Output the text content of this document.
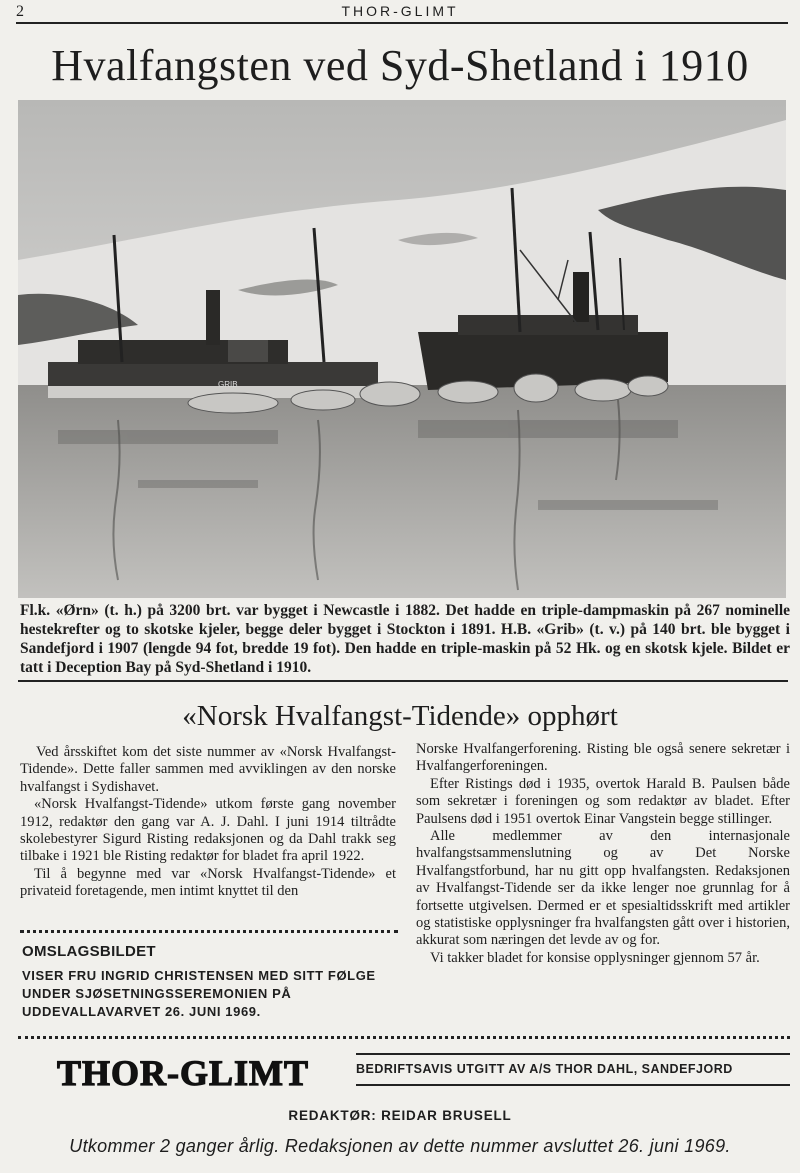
2	THOR-GLIMT
Hvalfangsten ved Syd-Shetland i 1910
GRIB
Fl.k. «Ørn» (t. h.) på 3200 brt. var bygget i Newcastle i 1882. Det hadde en triple-dampmaskin på 267 nominelle hestekrefter og to skotske kjeler, begge deler bygget i Stockton i 1891. H.B. «Grib» (t. v.) på 140 brt. ble bygget i Sandefjord i 1907 (lengde 94 fot, bredde 19 fot). Den hadde en triple-maskin på 52 Hk. og en skotsk kjele. Bildet er tatt i Deception Bay på Syd-Shetland i 1910.
«Norsk Hvalfangst-Tidende» opphørt

Ved årsskiftet kom det siste nummer av «Norsk Hvalfangst-Tidende». Dette faller sammen med avviklingen av den norske hvalfangst i Sydishavet.

«Norsk Hvalfangst-Tidende» utkom første gang november 1912, redaktør den gang var A. J. Dahl. I juni 1914 tiltrådte skolebestyrer Sigurd Risting redaksjonen og da Dahl trakk seg tilbake i 1921 ble Risting redaktør for bladet fra april 1922.

Til å begynne med var «Norsk Hvalfangst-Tidende» et privateid foretagende, men intimt knyttet til den

Norske Hvalfangerforening. Risting ble også senere sekretær i Hvalfangerforeningen.

Efter Ristings død i 1935, overtok Harald B. Paulsen både som sekretær i foreningen og som redaktør av bladet. Efter Paulsens død i 1951 overtok Einar Vangstein begge stillinger.

Alle medlemmer av den internasjonale hvalfangstsammenslutning og av Det Norske Hvalfangstforbund, har nu gitt opp hvalfangsten. Redaksjonen av Hvalfangst-Tidende ser da ikke lenger noe grunnlag for å fortsette utgivelsen. Dermed er et spesialtidsskrift med artikler og statistiske opplysninger fra hvalfangsten gått over i historien, akkurat som næringen det levde av og for.

Vi takker bladet for konsise opplysninger gjennom 57 år.

OMSLAGSBILDET
VISER FRU INGRID CHRISTENSEN MED SITT FØLGE UNDER SJØSETNINGSSEREMONIEN PÅ UDDEVALLAVARVET 26. JUNI 1969.
THOR-GLIMT	BEDRIFTSAVIS UTGITT AV A/S THOR DAHL, SANDEFJORD
REDAKTØR: REIDAR BRUSELL
Utkommer 2 ganger årlig. Redaksjonen av dette nummer avsluttet 26. juni 1969.
